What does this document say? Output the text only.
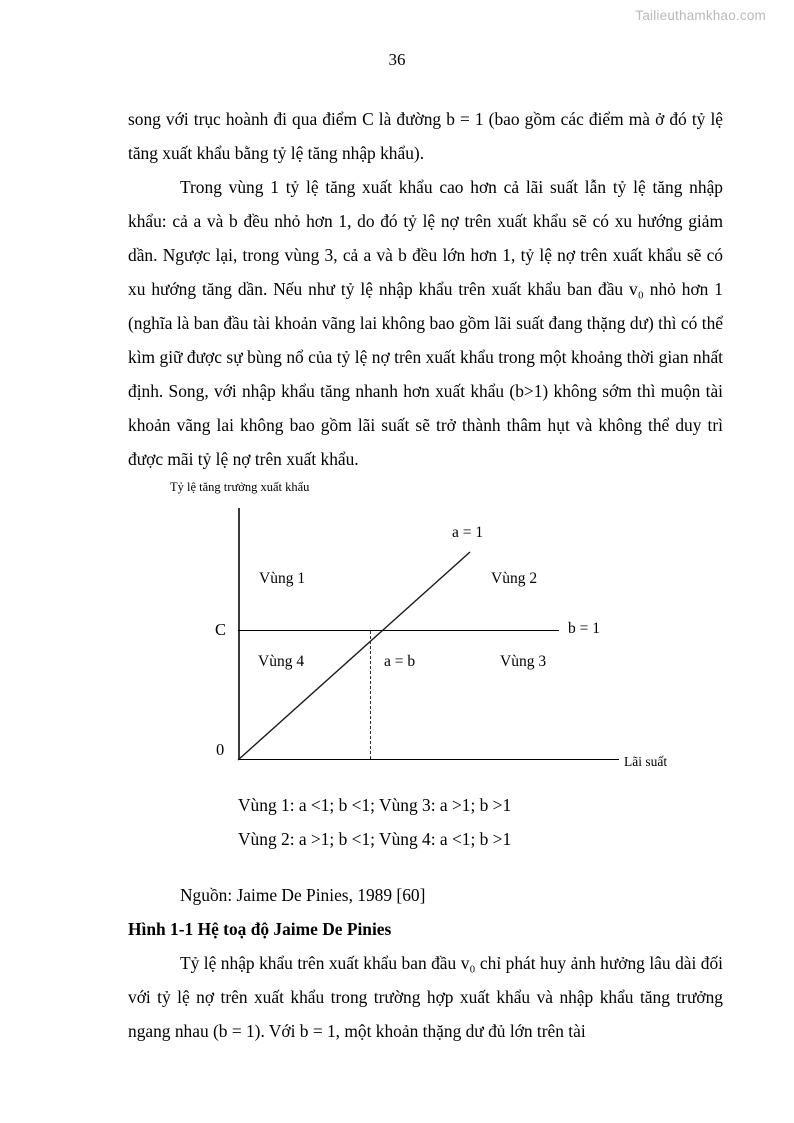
Tailieuthamkhao.com
36

song với trục hoành đi qua điểm C là đường b = 1 (bao gồm các điểm mà ở đó tỷ lệ tăng xuất khẩu bằng tỷ lệ tăng nhập khẩu).

Trong vùng 1 tỷ lệ tăng xuất khẩu cao hơn cả lãi suất lẫn tỷ lệ tăng nhập khẩu: cả a và b đều nhỏ hơn 1, do đó tỷ lệ nợ trên xuất khẩu sẽ có xu hướng giảm dần. Ngược lại, trong vùng 3, cả a và b đều lớn hơn 1, tỷ lệ nợ trên xuất khẩu sẽ có xu hướng tăng dần. Nếu như tỷ lệ nhập khẩu trên xuất khẩu ban đầu v₀ nhỏ hơn 1 (nghĩa là ban đầu tài khoản vãng lai không bao gồm lãi suất đang thặng dư) thì có thể kìm giữ được sự bùng nổ của tỷ lệ nợ trên xuất khẩu trong một khoảng thời gian nhất định. Song, với nhập khẩu tăng nhanh hơn xuất khẩu (b>1) không sớm thì muộn tài khoản vãng lai không bao gồm lãi suất sẽ trở thành thâm hụt và không thể duy trì được mãi tỷ lệ nợ trên xuất khẩu.

Tỷ lệ tăng trưởng xuất khẩu
C
0
a = 1
b = 1
Vùng 1	Vùng 2
Vùng 4	a = b	Vùng 3
Lãi suất
Vùng 1: a <1; b <1; Vùng 3: a >1; b >1
Vùng 2: a >1; b <1; Vùng 4: a <1; b >1
Nguồn: Jaime De Pinies, 1989 [60]
Hình 1-1 Hệ toạ độ Jaime De Pinies

Tỷ lệ nhập khẩu trên xuất khẩu ban đầu v₀ chỉ phát huy ảnh hưởng lâu dài đối với tỷ lệ nợ trên xuất khẩu trong trường hợp xuất khẩu và nhập khẩu tăng trưởng ngang nhau (b = 1). Với b = 1, một khoản thặng dư đủ lớn trên tài
